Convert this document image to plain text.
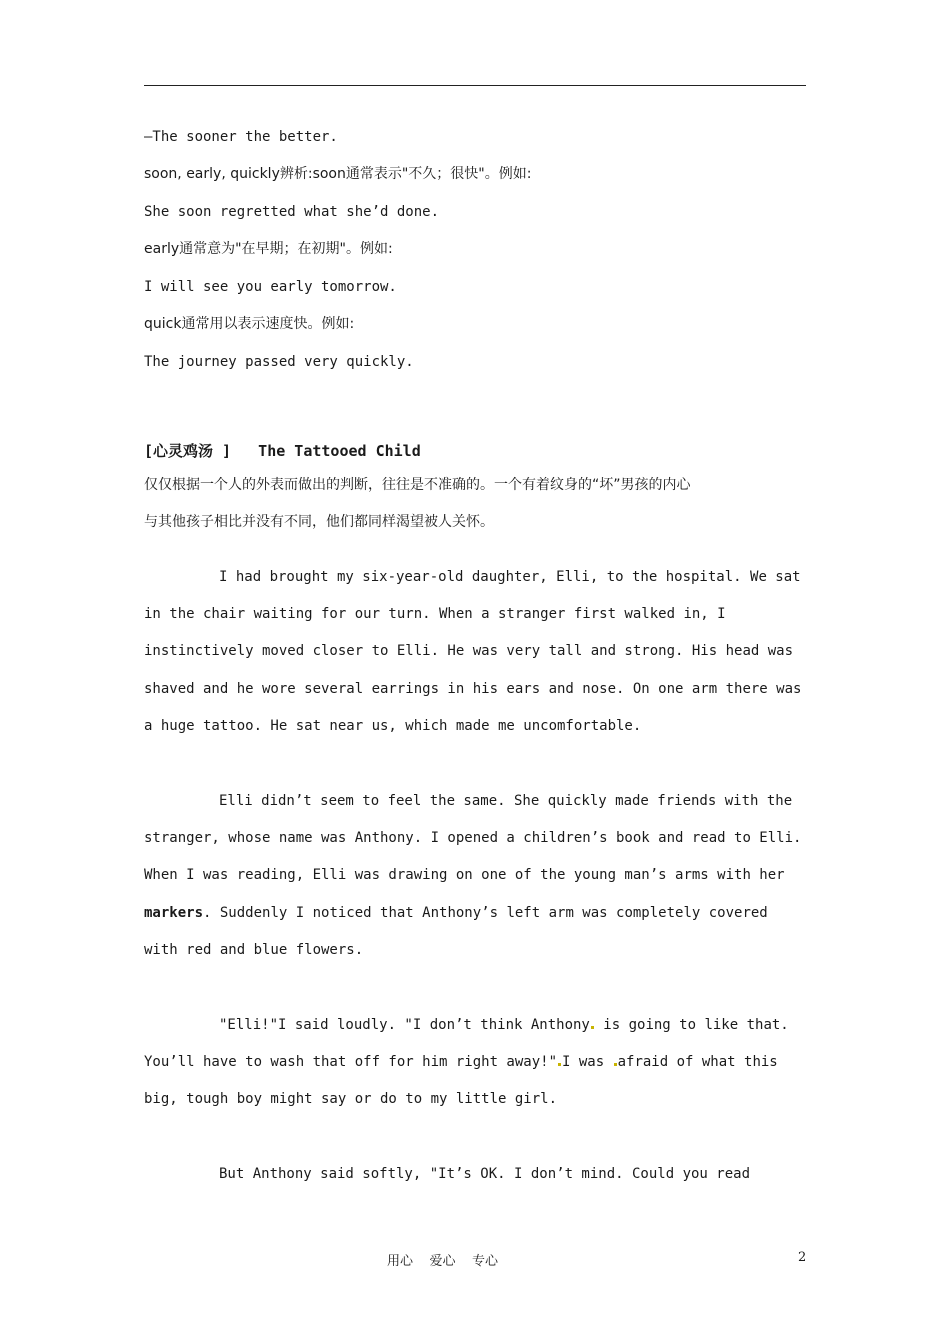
—The sooner the better.
soon, early, quickly辨析:soon通常表示"不久；很快"。例如:
She soon regretted what she’d done.
early通常意为"在早期；在初期"。例如:
I will see you early tomorrow.
quick通常用以表示速度快。例如:
The journey passed very quickly.
[心灵鸡汤 ]   The Tattooed Child
仅仅根据一个人的外表而做出的判断，往往是不准确的。一个有着纹身的“坏”男孩的内心
与其他孩子相比并没有不同，他们都同样渴望被人关怀。
I had brought my six-year-old daughter, Elli, to the hospital. We sat
in the chair waiting for our turn. When a stranger first walked in, I
instinctively moved closer to Elli. He was very tall and strong. His head was
shaved and he wore several earrings in his ears and nose. On one arm there was
a huge tattoo. He sat near us, which made me uncomfortable.
Elli didn’t seem to feel the same. She quickly made friends with the
stranger, whose name was Anthony. I opened a children’s book and read to Elli.
When I was reading, Elli was drawing on one of the young man’s arms with her
markers. Suddenly I noticed that Anthony’s left arm was completely covered
with red and blue flowers.
"Elli!"I said loudly. "I don’t think Anthony is going to like that.
You’ll have to wash that off for him right away!" I was afraid of what this
big, tough boy might say or do to my little girl.
But Anthony said softly, "It’s OK. I don’t mind. Could you read
用心    爱心    专心	2
